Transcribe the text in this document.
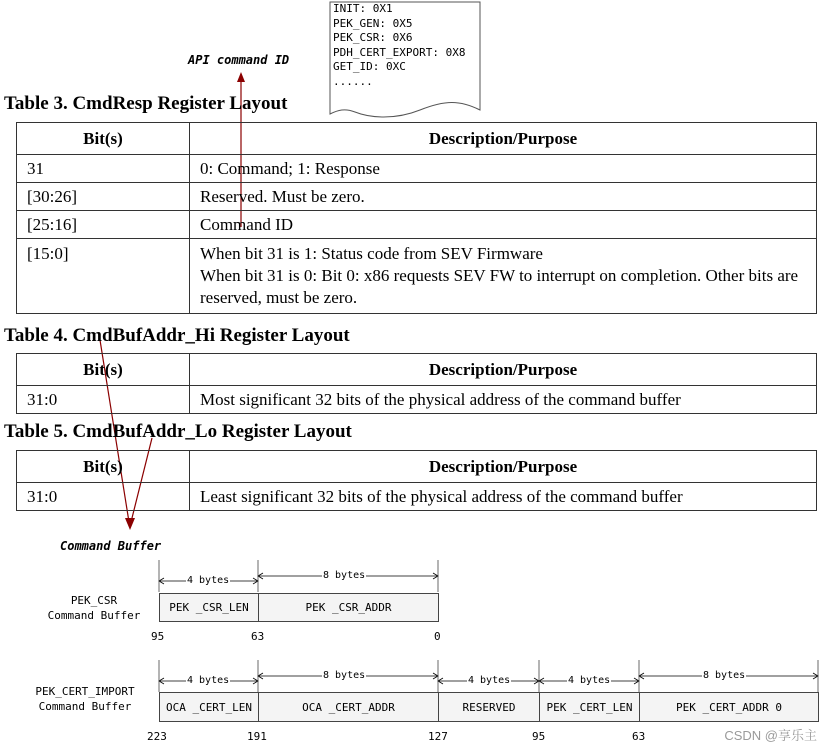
INIT: 0X1
PEK_GEN: 0X5
PEK_CSR: 0X6
PDH_CERT_EXPORT: 0X8
GET_ID: 0XC
......
API command ID
Table 3. CmdResp Register Layout
Bit(s)	Description/Purpose
31	0: Command; 1: Response
[30:26]	Reserved. Must be zero.
[25:16]	Command ID
[15:0]	When bit 31 is 1: Status code from SEV Firmware
When bit 31 is 0: Bit 0: x86 requests SEV FW to interrupt on completion. Other bits are reserved, must be zero.
Table 4. CmdBufAddr_Hi Register Layout
Bit(s)	Description/Purpose
31:0	Most significant 32 bits of the physical address of the command buffer
Table 5. CmdBufAddr_Lo Register Layout
Bit(s)	Description/Purpose
31:0	Least significant 32 bits of the physical address of the command buffer
Command Buffer
PEK_CSR
Command Buffer
4 bytes	8 bytes
PEK _CSR_LEN	PEK _CSR_ADDR
95	63	0
PEK_CERT_IMPORT
Command Buffer
4 bytes	8 bytes	4 bytes	4 bytes	8 bytes
OCA _CERT_LEN	OCA _CERT_ADDR	RESERVED	PEK _CERT_LEN	PEK _CERT_ADDR 0
223	191	127	95	63	CSDN @享乐主
